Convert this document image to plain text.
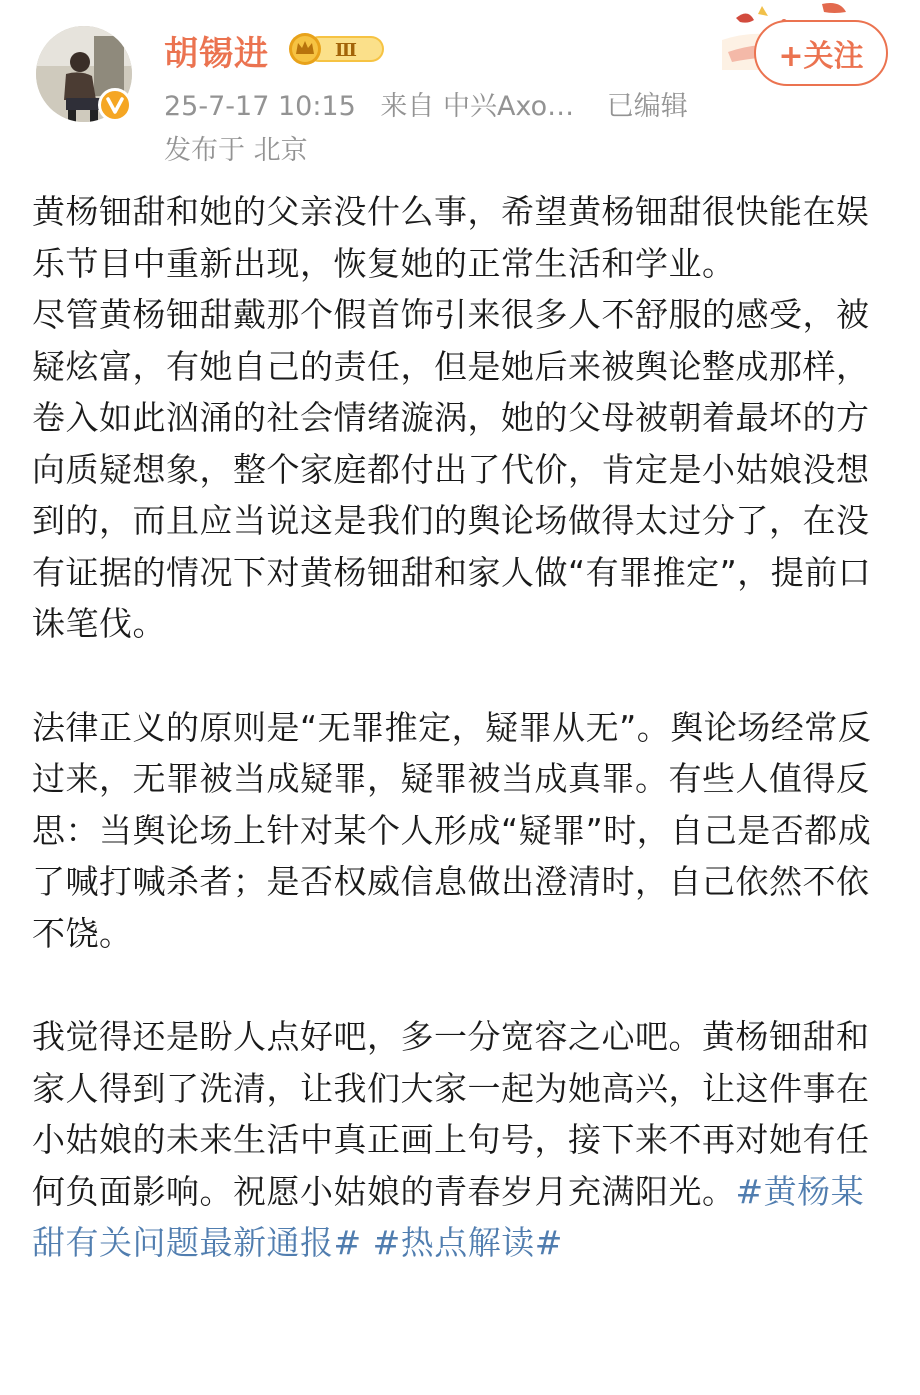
胡锡进	Ⅲ
25-7-17 10:15 来自 中兴Axo… 已编辑
发布于 北京
+关注

黄杨钿甜和她的父亲没什么事，希望黄杨钿甜很快能在娱乐节目中重新出现，恢复她的正常生活和学业。

尽管黄杨钿甜戴那个假首饰引来很多人不舒服的感受，被疑炫富，有她自己的责任，但是她后来被舆论整成那样，卷入如此汹涌的社会情绪漩涡，她的父母被朝着最坏的方向质疑想象，整个家庭都付出了代价，肯定是小姑娘没想到的，而且应当说这是我们的舆论场做得太过分了，在没有证据的情况下对黄杨钿甜和家人做“有罪推定”，提前口诛笔伐。

法律正义的原则是“无罪推定，疑罪从无”。舆论场经常反过来，无罪被当成疑罪，疑罪被当成真罪。有些人值得反思：当舆论场上针对某个人形成“疑罪”时，自己是否都成了喊打喊杀者；是否权威信息做出澄清时，自己依然不依不饶。

我觉得还是盼人点好吧，多一分宽容之心吧。黄杨钿甜和家人得到了洗清，让我们大家一起为她高兴，让这件事在小姑娘的未来生活中真正画上句号，接下来不再对她有任何负面影响。祝愿小姑娘的青春岁月充满阳光。#黄杨某甜有关问题最新通报# #热点解读#
